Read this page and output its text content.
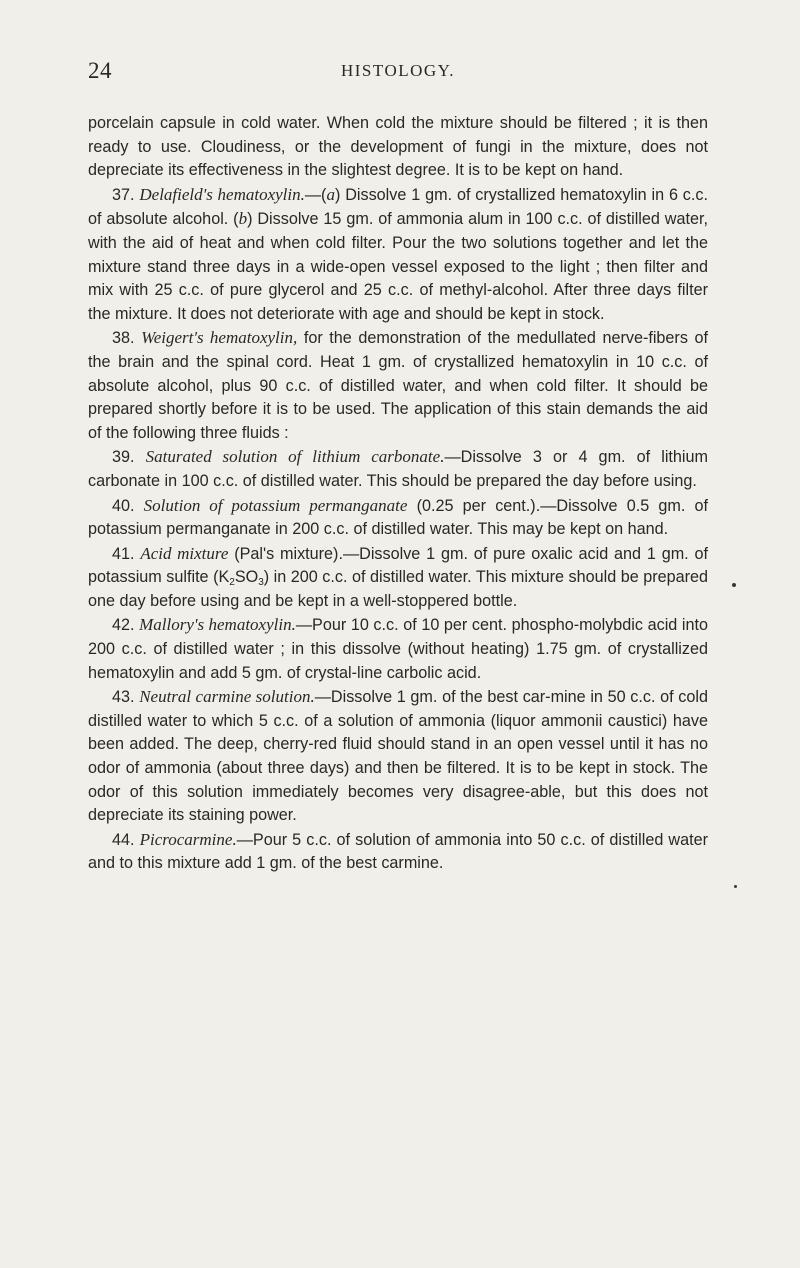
24	HISTOLOGY.

porcelain capsule in cold water. When cold the mixture should be filtered ; it is then ready to use. Cloudiness, or the development of fungi in the mixture, does not depreciate its effectiveness in the slightest degree. It is to be kept on hand.

37. Delafield's hematoxylin.—(a) Dissolve 1 gm. of crystallized hematoxylin in 6 c.c. of absolute alcohol. (b) Dissolve 15 gm. of ammonia alum in 100 c.c. of distilled water, with the aid of heat and when cold filter. Pour the two solutions together and let the mixture stand three days in a wide-open vessel exposed to the light ; then filter and mix with 25 c.c. of pure glycerol and 25 c.c. of methyl-alcohol. After three days filter the mixture. It does not deteriorate with age and should be kept in stock.

38. Weigert's hematoxylin, for the demonstration of the medullated nerve-fibers of the brain and the spinal cord. Heat 1 gm. of crystallized hematoxylin in 10 c.c. of absolute alcohol, plus 90 c.c. of distilled water, and when cold filter. It should be prepared shortly before it is to be used. The application of this stain demands the aid of the following three fluids :

39. Saturated solution of lithium carbonate.—Dissolve 3 or 4 gm. of lithium carbonate in 100 c.c. of distilled water. This should be prepared the day before using.

40. Solution of potassium permanganate (0.25 per cent.).—Dissolve 0.5 gm. of potassium permanganate in 200 c.c. of distilled water. This may be kept on hand.

41. Acid mixture (Pal's mixture).—Dissolve 1 gm. of pure oxalic acid and 1 gm. of potassium sulfite $(K_2SO_3)$ in 200 c.c. of distilled water. This mixture should be prepared one day before using and be kept in a well-stoppered bottle.

42. Mallory's hematoxylin.—Pour 10 c.c. of 10 per cent. phospho-molybdic acid into 200 c.c. of distilled water ; in this dissolve (without heating) 1.75 gm. of crystallized hematoxylin and add 5 gm. of crystal-line carbolic acid.

43. Neutral carmine solution.—Dissolve 1 gm. of the best car-mine in 50 c.c. of cold distilled water to which 5 c.c. of a solution of ammonia (liquor ammonii caustici) have been added. The deep, cherry-red fluid should stand in an open vessel until it has no odor of ammonia (about three days) and then be filtered. It is to be kept in stock. The odor of this solution immediately becomes very disagree-able, but this does not depreciate its staining power.

44. Picrocarmine.—Pour 5 c.c. of solution of ammonia into 50 c.c. of distilled water and to this mixture add 1 gm. of the best carmine.
